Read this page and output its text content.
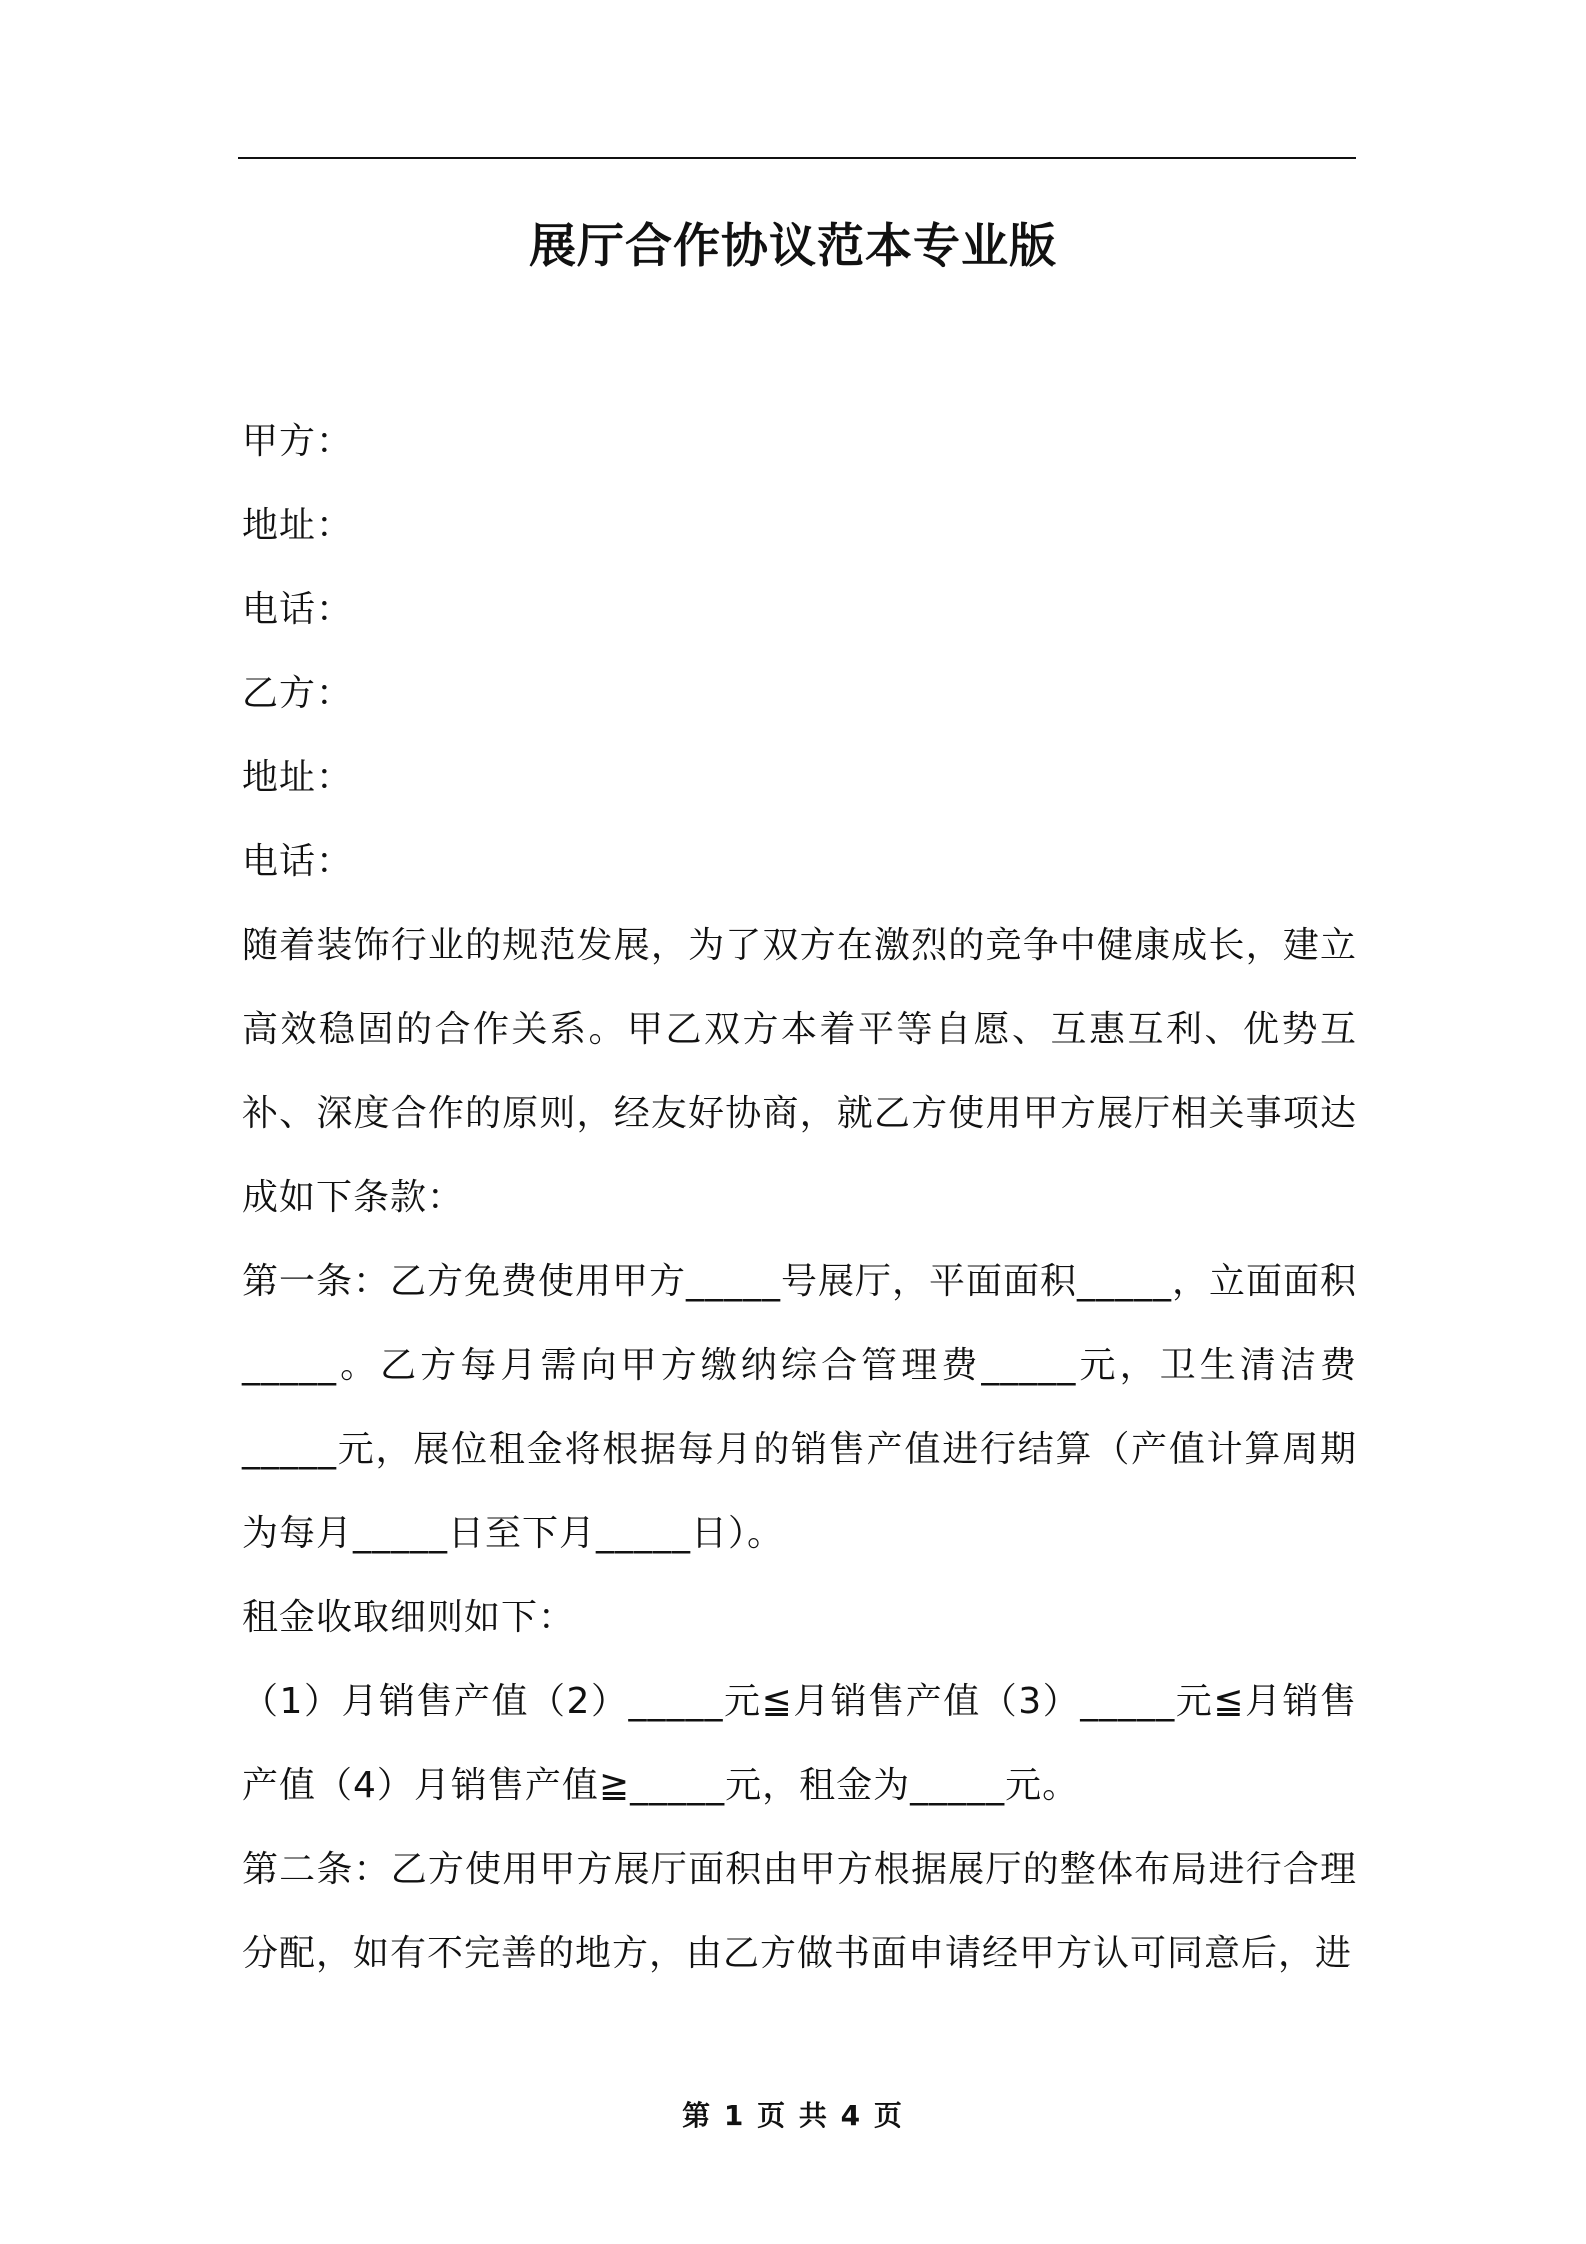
展厅合作协议范本专业版

甲方：

地址：

电话：

乙方：

地址：

电话：

随着装饰行业的规范发展，为了双方在激烈的竞争中健康成长，建立高效稳固的合作关系。甲乙双方本着平等自愿、互惠互利、优势互补、深度合作的原则，经友好协商，就乙方使用甲方展厅相关事项达成如下条款：

第一条：乙方免费使用甲方_____号展厅，平面面积_____，立面面积_____。乙方每月需向甲方缴纳综合管理费_____元，卫生清洁费_____元，展位租金将根据每月的销售产值进行结算（产值计算周期为每月_____日至下月_____日）。

租金收取细则如下：

（1）月销售产值（2）_____元≦月销售产值（3）_____元≦月销售产值（4）月销售产值≧_____元，租金为_____元。

第二条：乙方使用甲方展厅面积由甲方根据展厅的整体布局进行合理分配，如有不完善的地方，由乙方做书面申请经甲方认可同意后，进

第 1 页 共 4 页
